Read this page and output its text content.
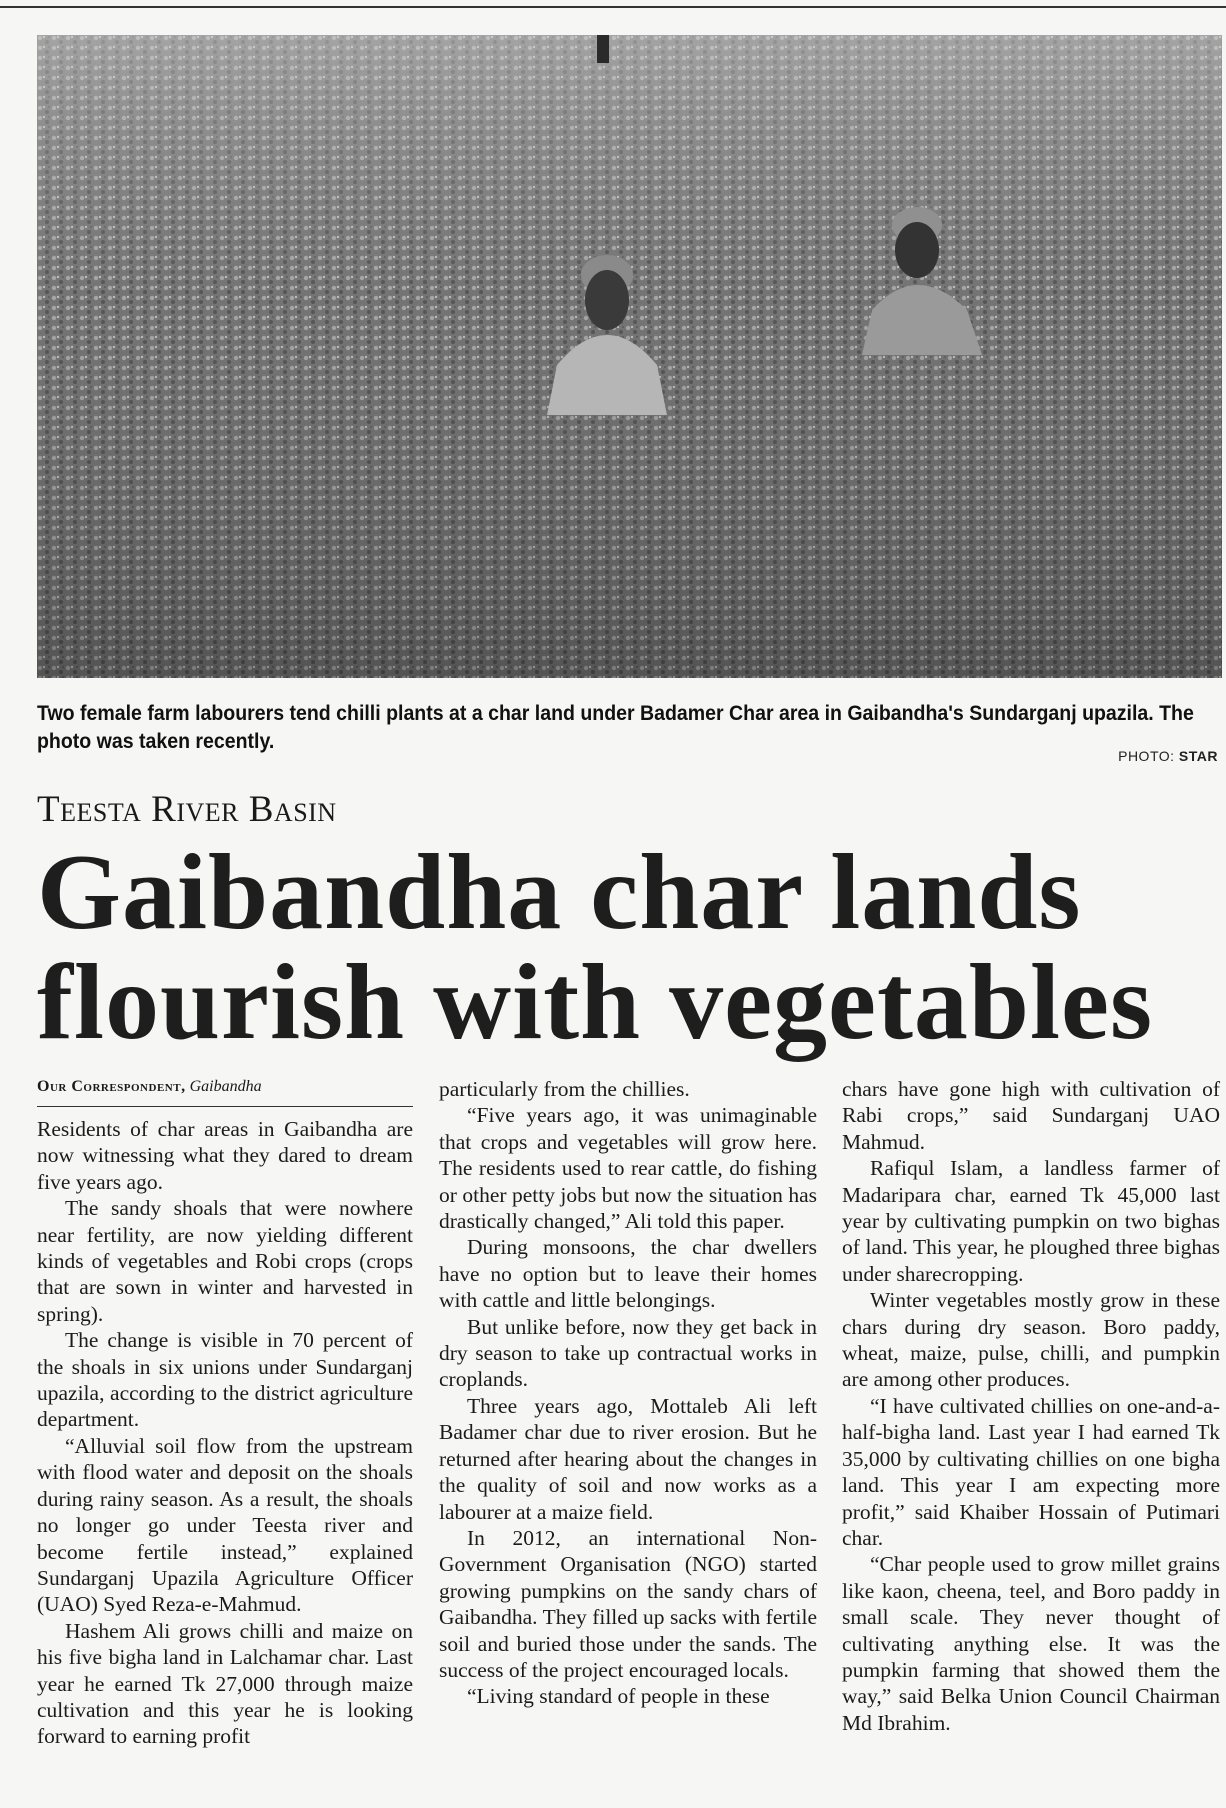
Two female farm labourers tend chilli plants at a char land under Badamer Char area in Gaibandha's Sundarganj upazila. The photo was taken recently.
PHOTO: STAR
Teesta River Basin
Gaibandha char lands
flourish with vegetables
Our Correspondent, Gaibandha

Residents of char areas in Gaibandha are now witnessing what they dared to dream five years ago.

The sandy shoals that were nowhere near fertility, are now yielding different kinds of vegetables and Robi crops (crops that are sown in winter and harvested in spring).

The change is visible in 70 percent of the shoals in six unions under Sundarganj upazila, according to the district agriculture department.

“Alluvial soil flow from the upstream with flood water and deposit on the shoals during rainy season. As a result, the shoals no longer go under Teesta river and become fertile instead,” explained Sundarganj Upazila Agriculture Officer (UAO) Syed Reza-e-Mahmud.

Hashem Ali grows chilli and maize on his five bigha land in Lalchamar char. Last year he earned Tk 27,000 through maize cultivation and this year he is looking forward to earning profit

particularly from the chillies.

“Five years ago, it was unimaginable that crops and vegetables will grow here. The residents used to rear cattle, do fishing or other petty jobs but now the situation has drastically changed,” Ali told this paper.

During monsoons, the char dwellers have no option but to leave their homes with cattle and little belongings.

But unlike before, now they get back in dry season to take up contractual works in croplands.

Three years ago, Mottaleb Ali left Badamer char due to river erosion. But he returned after hearing about the changes in the quality of soil and now works as a labourer at a maize field.

In 2012, an international Non-Government Organisation (NGO) started growing pumpkins on the sandy chars of Gaibandha. They filled up sacks with fertile soil and buried those under the sands. The success of the project encouraged locals.

“Living standard of people in these

chars have gone high with cultivation of Rabi crops,” said Sundarganj UAO Mahmud.

Rafiqul Islam, a landless farmer of Madaripara char, earned Tk 45,000 last year by cultivating pumpkin on two bighas of land. This year, he ploughed three bighas under sharecropping.

Winter vegetables mostly grow in these chars during dry season. Boro paddy, wheat, maize, pulse, chilli, and pumpkin are among other produces.

“I have cultivated chillies on one-and-a-half-bigha land. Last year I had earned Tk 35,000 by cultivating chillies on one bigha land. This year I am expecting more profit,” said Khaiber Hossain of Putimari char.

“Char people used to grow millet grains like kaon, cheena, teel, and Boro paddy in small scale. They never thought of cultivating anything else. It was the pumpkin farming that showed them the way,” said Belka Union Council Chairman Md Ibrahim.
